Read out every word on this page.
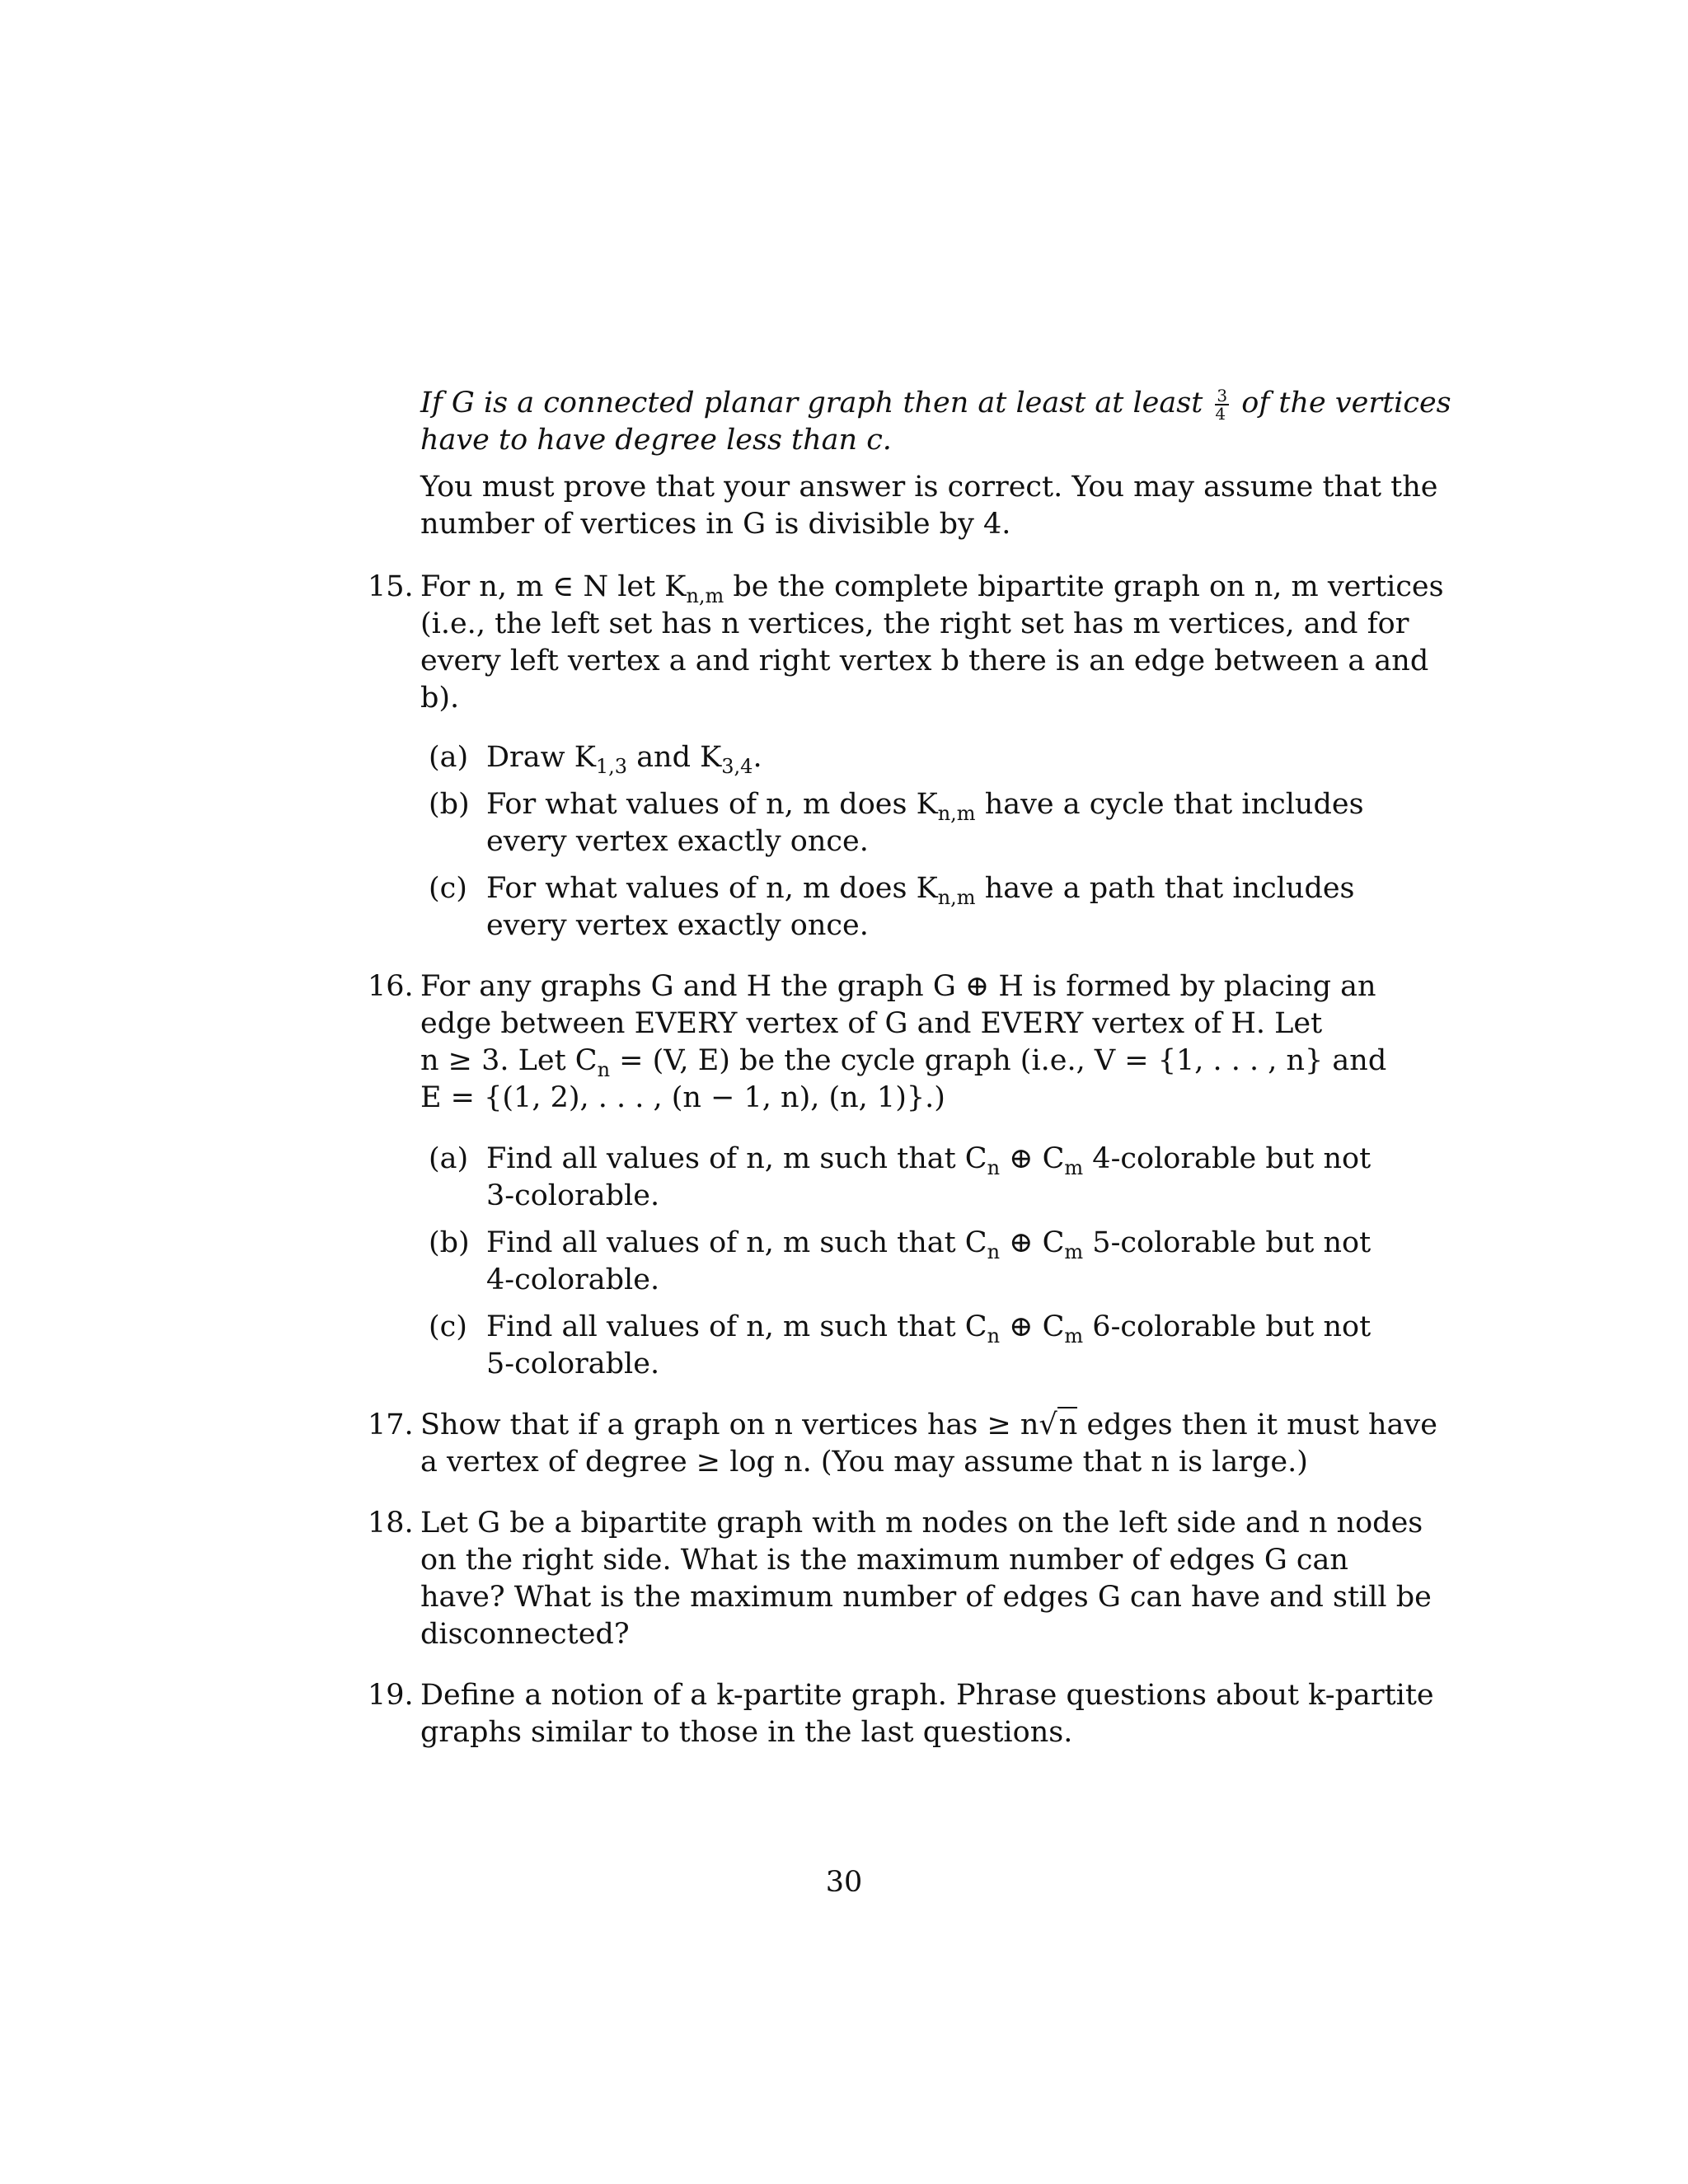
If G is a connected planar graph then at least at least $\frac{3}{4}$ of the vertices
have to have degree less than c.
You must prove that your answer is correct. You may assume that the
number of vertices in G is divisible by 4.
15. For n, m ∈ N let $K_{n,m}$ be the complete bipartite graph on n, m vertices
(i.e., the left set has n vertices, the right set has m vertices, and for
every left vertex a and right vertex b there is an edge between a and
b).
(a) Draw $K_{1,3}$ and $K_{3,4}$.
(b) For what values of n, m does $K_{n,m}$ have a cycle that includes
every vertex exactly once.
(c) For what values of n, m does $K_{n,m}$ have a path that includes
every vertex exactly once.
16. For any graphs G and H the graph G ⊕ H is formed by placing an
edge between EVERY vertex of G and EVERY vertex of H. Let
n ≥ 3. Let $C_n = (V$, E) be the cycle graph (i.e., V = {1, . . . , n} and
E = {(1, 2), . . . , (n − 1, n), (n, 1)}.)
(a) Find all values of n, m such that $C_n$ ⊕ $C_m$ 4-colorable but not
3-colorable.
(b) Find all values of n, m such that $C_n$ ⊕ $C_m$ 5-colorable but not
4-colorable.
(c) Find all values of n, m such that $C_n$ ⊕ $C_m$ 6-colorable but not
5-colorable.
17. Show that if a graph on n vertices has ≥ n√n edges then it must have
a vertex of degree ≥ log n. (You may assume that n is large.)
18. Let G be a bipartite graph with m nodes on the left side and n nodes
on the right side. What is the maximum number of edges G can
have? What is the maximum number of edges G can have and still be
disconnected?
19. Define a notion of a k-partite graph. Phrase questions about k-partite
graphs similar to those in the last questions.
30
